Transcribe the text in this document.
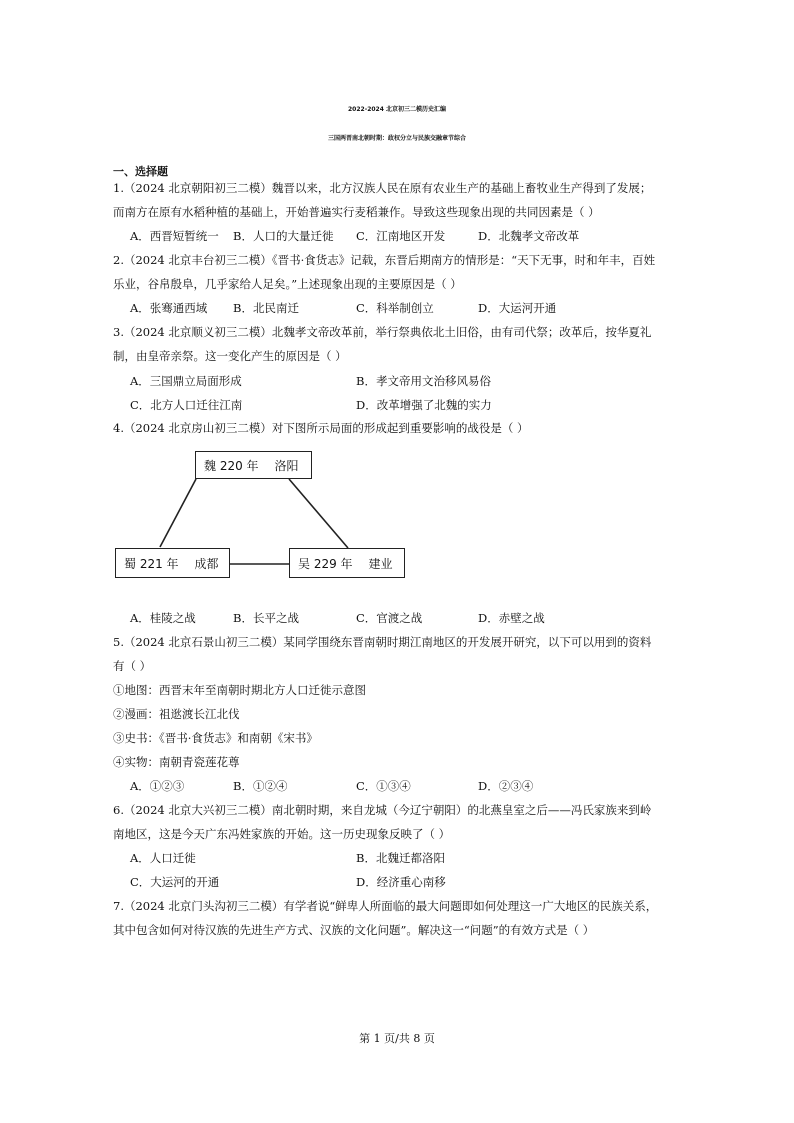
2022-2024 北京初三二模历史汇编
三国两晋南北朝时期：政权分立与民族交融章节综合
一、选择题
1.（2024 北京朝阳初三二模）魏晋以来，北方汉族人民在原有农业生产的基础上畜牧业生产得到了发展；
而南方在原有水稻种植的基础上，开始普遍实行麦稻兼作。导致这些现象出现的共同因素是（ ）
A．西晋短暂统一 B．人口的大量迁徙 C．江南地区开发	D．北魏孝文帝改革
2.（2024 北京丰台初三二模）《晋书·食货志》记载，东晋后期南方的情形是：“天下无事，时和年丰，百姓
乐业，谷帛殷阜，几乎家给人足矣。”上述现象出现的主要原因是（ ）
A．张骞通西域 B．北民南迁	C．科举制创立	D．大运河开通
3.（2024 北京顺义初三二模）北魏孝文帝改革前，举行祭典依北土旧俗，由有司代祭；改革后，按华夏礼
制，由皇帝亲祭。这一变化产生的原因是（ ）
A．三国鼎立局面形成	B．孝文帝用文治移风易俗
C．北方人口迁往江南	D．改革增强了北魏的实力
4.（2024 北京房山初三二模）对下图所示局面的形成起到重要影响的战役是（ ）
魏 220 年 洛阳
蜀 221 年 成都	吴 229 年 建业
A．桂陵之战	B．长平之战	C．官渡之战	D．赤壁之战
5.（2024 北京石景山初三二模）某同学围绕东晋南朝时期江南地区的开发展开研究，以下可以用到的资料
有（ ）
①地图：西晋末年至南朝时期北方人口迁徙示意图
②漫画：祖逖渡长江北伐
③史书：《晋书·食货志》和南朝《宋书》
④实物：南朝青瓷莲花尊
A．①②③	B．①②④	C．①③④	D．②③④
6.（2024 北京大兴初三二模）南北朝时期，来自龙城（今辽宁朝阳）的北燕皇室之后——冯氏家族来到岭
南地区，这是今天广东冯姓家族的开始。这一历史现象反映了（ ）
A．人口迁徙	B．北魏迁都洛阳
C．大运河的开通	D．经济重心南移
7.（2024 北京门头沟初三二模）有学者说“鲜卑人所面临的最大问题即如何处理这一广大地区的民族关系，
其中包含如何对待汉族的先进生产方式、汉族的文化问题”。解决这一“问题”的有效方式是（ ）
第 1 页/共 8 页
